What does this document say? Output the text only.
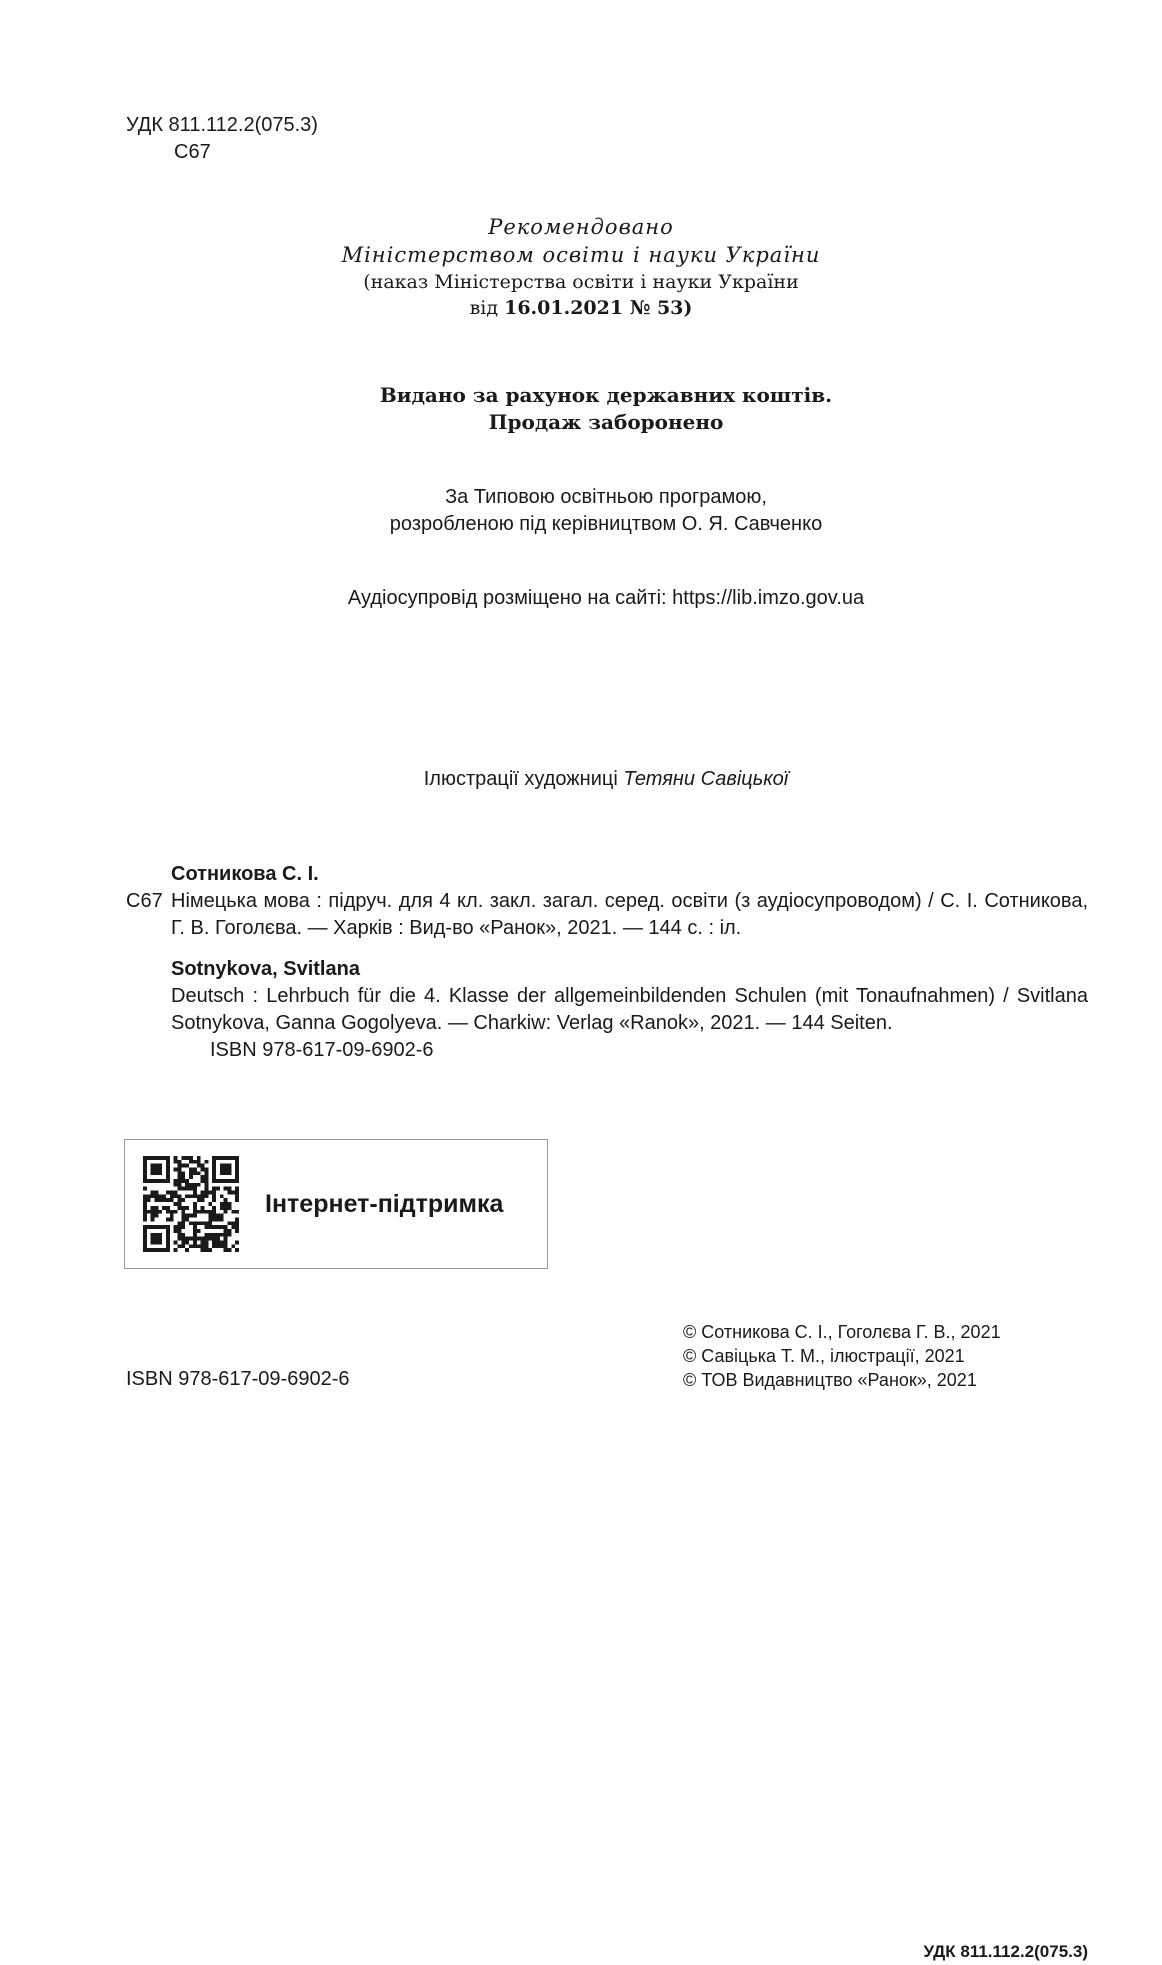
УДК 811.112.2(075.3)
С67
Рекомендовано
Міністерством освіти і науки України
(наказ Міністерства освіти і науки України
від 16.01.2021 № 53)
Видано за рахунок державних коштів.
Продаж заборонено
За Типовою освітньою програмою,
розробленою під керівництвом О. Я. Савченко
Аудіосупровід розміщено на сайті: https://lib.imzo.gov.ua
Ілюстрації художниці Тетяни Савіцької
Сотникова С. І.
С67 Німецька мова : підруч. для 4 кл. закл. загал. серед. освіти (з аудіосупроводом) / С. І. Сотникова, Г. В. Гоголєва. — Харків : Вид-во «Ранок», 2021. — 144 с. : іл.
Sotnykova, Svitlana
Deutsch : Lehrbuch für die 4. Klasse der allgemeinbildenden Schulen (mit Tonaufnahmen) / Svitlana Sotnykova, Ganna Gogolyeva. — Charkiw: Verlag «Ranok», 2021. — 144 Seiten.
ISBN 978-617-09-6902-6
УДК 811.112.2(075.3)
Інтернет-підтримка
ISBN 978-617-09-6902-6
© Сотникова С. І., Гоголєва Г. В., 2021
© Савіцька Т. М., ілюстрації, 2021
© ТОВ Видавництво «Ранок», 2021
